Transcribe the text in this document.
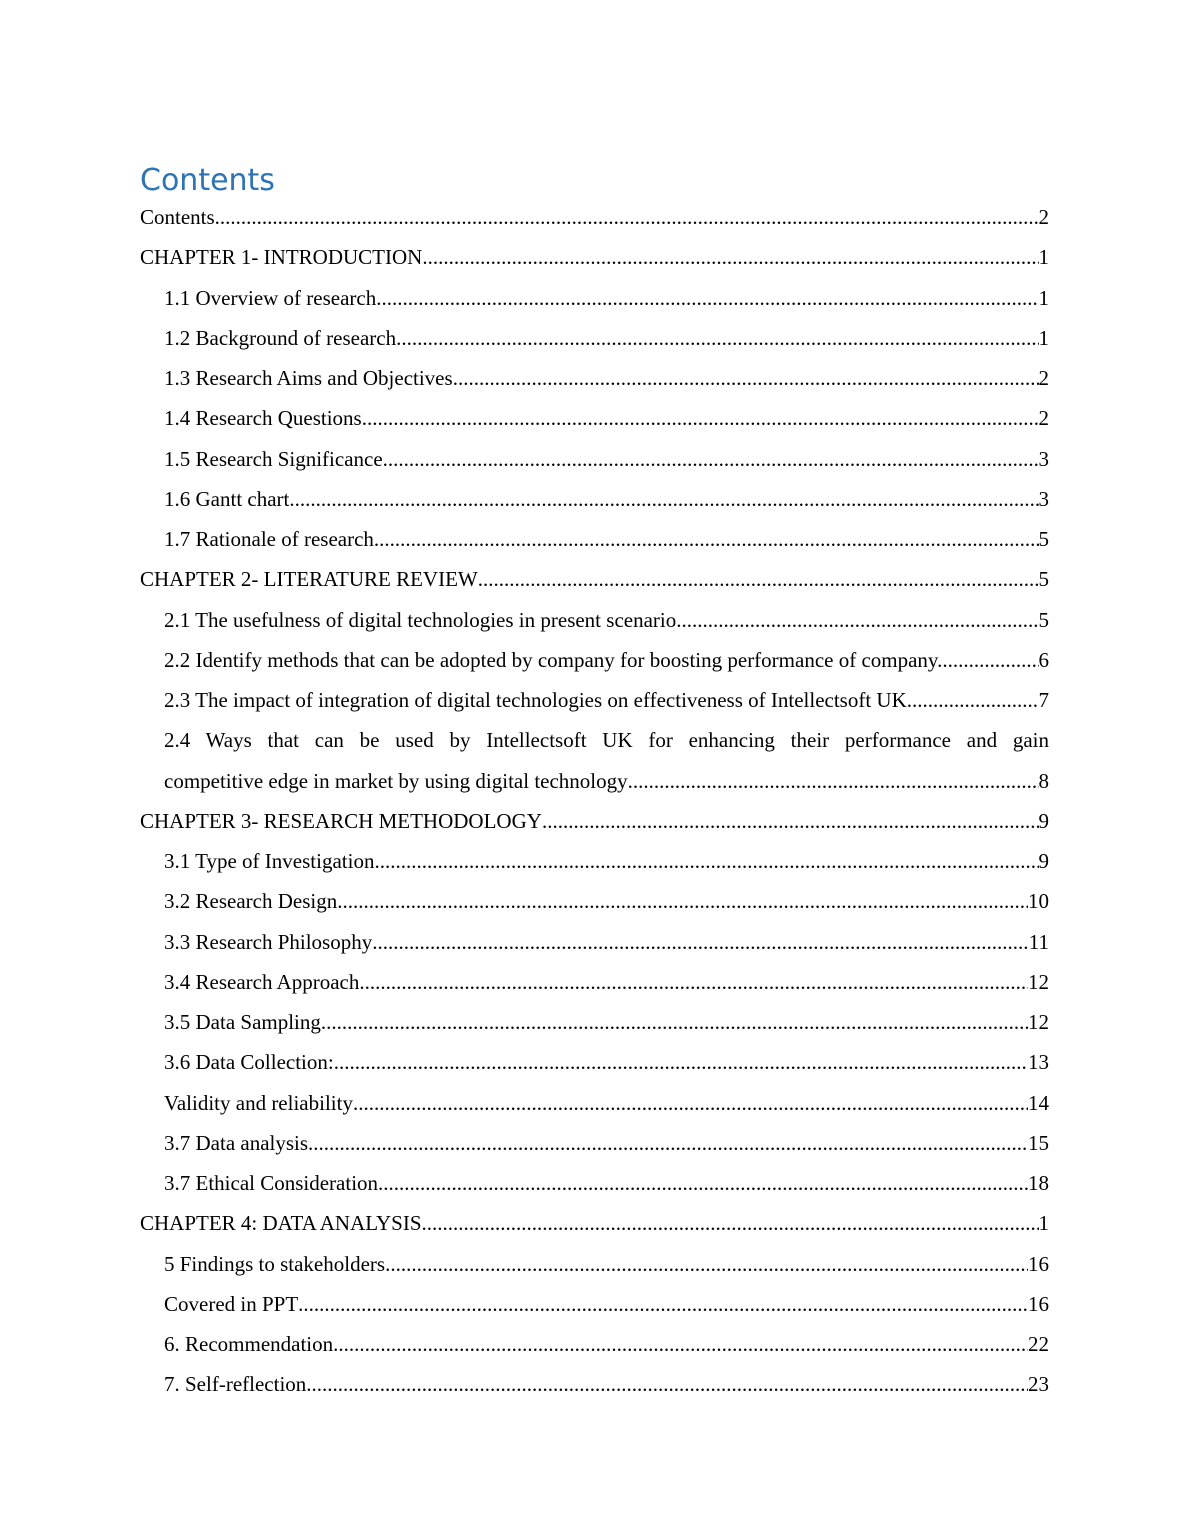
Contents
Contents .....	2
CHAPTER 1- INTRODUCTION .....	1
1.1 Overview of research .....	1
1.2 Background of research .....	1
1.3 Research Aims and Objectives .....	2
1.4 Research Questions .....	2
1.5 Research Significance .....	3
1.6 Gantt chart .....	3
1.7 Rationale of research .....	5
CHAPTER 2- LITERATURE REVIEW .....	5
2.1 The usefulness of digital technologies in present scenario .....	5
2.2 Identify methods that can be adopted by company for boosting performance of company. .....	6
2.3 The impact of integration of digital technologies on effectiveness of Intellectsoft UK .....	7
2.4 Ways that can be used by Intellectsoft UK for enhancing their performance and gain
competitive edge in market by using digital technology .....	8
CHAPTER 3- RESEARCH METHODOLOGY .....	9
3.1 Type of Investigation .....	9
3.2 Research Design .....	10
3.3 Research Philosophy .....	11
3.4 Research Approach .....	12
3.5 Data Sampling .....	12
3.6 Data Collection: .....	13
Validity and reliability .....	14
3.7 Data analysis .....	15
3.7 Ethical Consideration .....	18
CHAPTER 4: DATA ANALYSIS .....	1
5 Findings to stakeholders .....	16
Covered in PPT .....	16
6. Recommendation .....	22
7. Self-reflection .....	23
